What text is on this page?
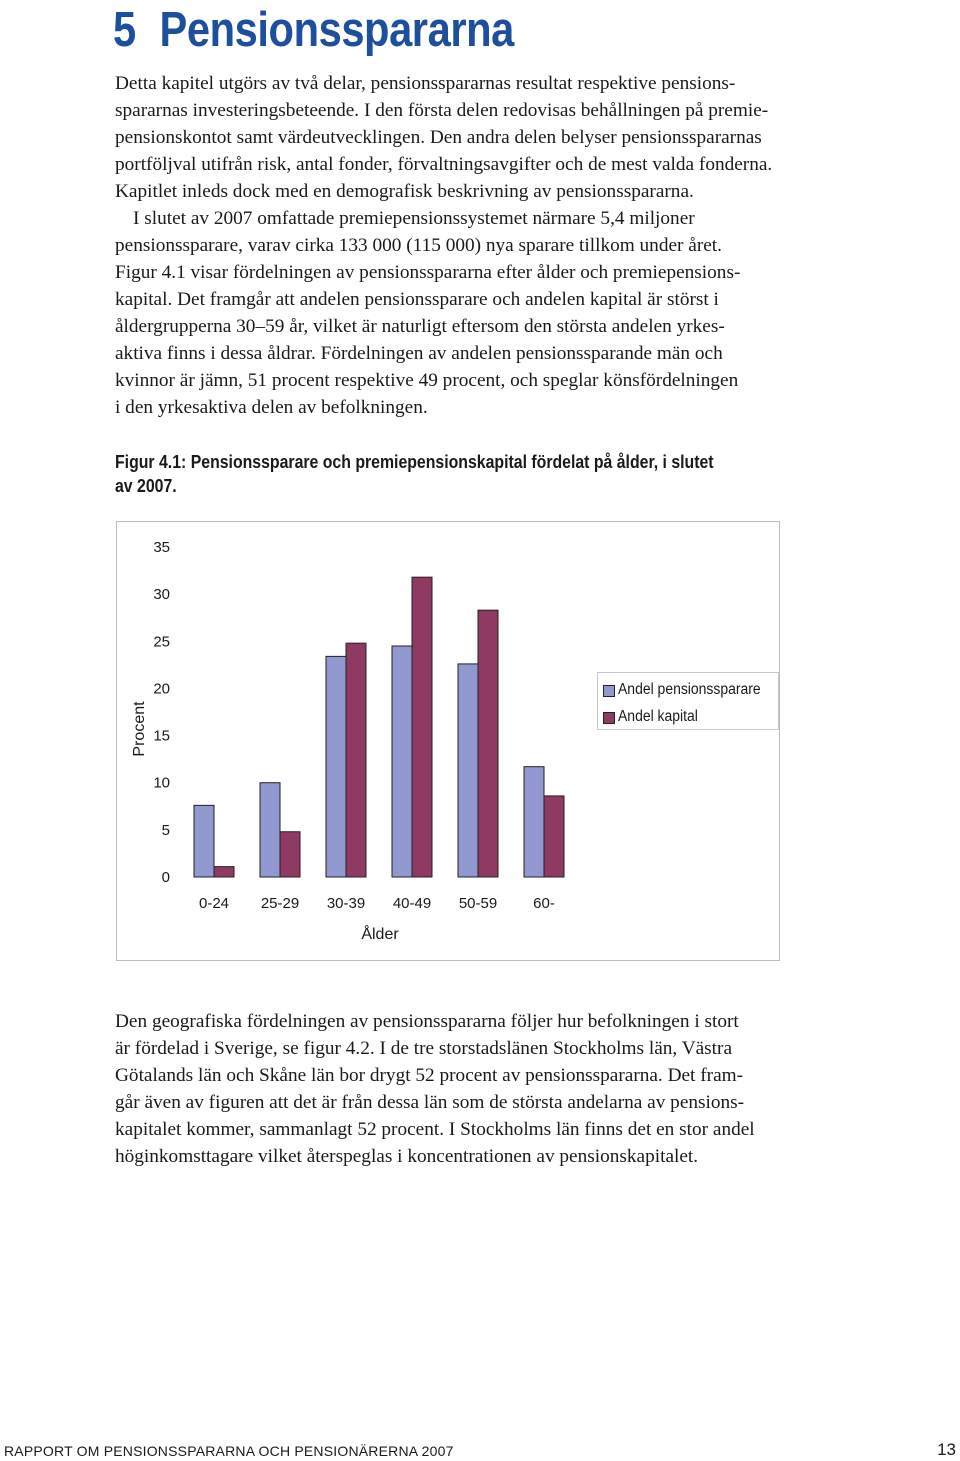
5 Pensionsspararna

Detta kapitel utgörs av två delar, pensionsspararnas resultat respektive pensions-
spararnas investeringsbeteende. I den första delen redovisas behållningen på premie-
pensionskontot samt värdeutvecklingen. Den andra delen belyser pensionsspararnas
portföljval utifrån risk, antal fonder, förvaltningsavgifter och de mest valda fonderna.
Kapitlet inleds dock med en demografisk beskrivning av pensionsspararna.

I slutet av 2007 omfattade premiepensionssystemet närmare 5,4 miljoner
pensionssparare, varav cirka 133 000 (115 000) nya sparare tillkom under året.
Figur 4.1 visar fördelningen av pensionsspararna efter ålder och premiepensions-
kapital. Det framgår att andelen pensionssparare och andelen kapital är störst i
åldergrupperna 30–59 år, vilket är naturligt eftersom den största andelen yrkes-
aktiva finns i dessa åldrar. Fördelningen av andelen pensionssparande män och
kvinnor är jämn, 51 procent respektive 49 procent, och speglar könsfördelningen
i den yrkesaktiva delen av befolkningen.

Figur 4.1: Pensionssparare och premiepensionskapital fördelat på ålder, i slutet
av 2007.
0
5
10
15
20
25
30
35
Procent
0-24 25-29 30-39 40-49 50-59 60-
Ålder
Andel pensionssparare
Andel kapital

Den geografiska fördelningen av pensionsspararna följer hur befolkningen i stort
är fördelad i Sverige, se figur 4.2. I de tre storstadslänen Stockholms län, Västra
Götalands län och Skåne län bor drygt 52 procent av pensionsspararna. Det fram-
går även av figuren att det är från dessa län som de största andelarna av pensions-
kapitalet kommer, sammanlagt 52 procent. I Stockholms län finns det en stor andel
höginkomsttagare vilket återspeglas i koncentrationen av pensionskapitalet.

RAPPORT OM PENSIONSSPARARNA OCH PENSIONÄRERNA 2007	13
